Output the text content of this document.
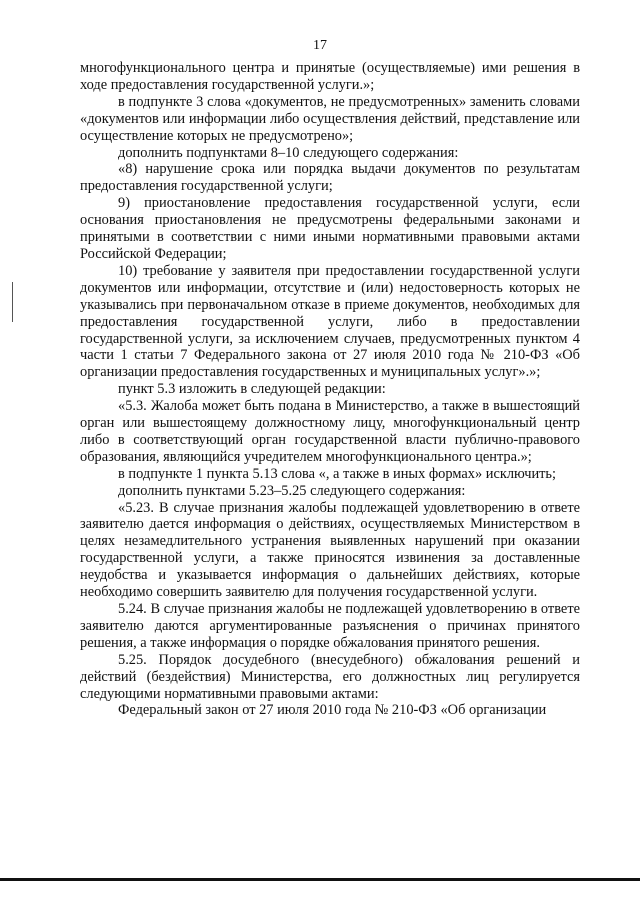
17

многофункционального центра и принятые (осуществляемые) ими решения в ходе предоставления государственной услуги.»;

в подпункте 3 слова «документов, не предусмотренных» заменить словами «документов или информации либо осуществления действий, представление или осуществление которых не предусмотрено»;

дополнить подпунктами 8–10 следующего содержания:

«8) нарушение срока или порядка выдачи документов по результатам предоставления государственной услуги;

9) приостановление предоставления государственной услуги, если основания приостановления не предусмотрены федеральными законами и принятыми в соответствии с ними иными нормативными правовыми актами Российской Федерации;

10) требование у заявителя при предоставлении государственной услуги документов или информации, отсутствие и (или) недостоверность которых не указывались при первоначальном отказе в приеме документов, необходимых для предоставления государственной услуги, либо в предоставлении государственной услуги, за исключением случаев, предусмотренных пунктом 4 части 1 статьи 7 Федерального закона от 27 июля 2010 года № 210-ФЗ «Об организации предоставления государственных и муниципальных услуг».»;

пункт 5.3 изложить в следующей редакции:

«5.3. Жалоба может быть подана в Министерство, а также в вышестоящий орган или вышестоящему должностному лицу, многофункциональный центр либо в соответствующий орган государственной власти публично-правового образования, являющийся учредителем многофункционального центра.»;

в подпункте 1 пункта 5.13 слова «, а также в иных формах» исключить;

дополнить пунктами 5.23–5.25 следующего содержания:

«5.23. В случае признания жалобы подлежащей удовлетворению в ответе заявителю дается информация о действиях, осуществляемых Министерством в целях незамедлительного устранения выявленных нарушений при оказании государственной услуги, а также приносятся извинения за доставленные неудобства и указывается информация о дальнейших действиях, которые необходимо совершить заявителю для получения государственной услуги.

5.24. В случае признания жалобы не подлежащей удовлетворению в ответе заявителю даются аргументированные разъяснения о причинах принятого решения, а также информация о порядке обжалования принятого решения.

5.25. Порядок досудебного (внесудебного) обжалования решений и действий (бездействия) Министерства, его должностных лиц регулируется следующими нормативными правовыми актами:

Федеральный закон от 27 июля 2010 года № 210-ФЗ «Об организации
